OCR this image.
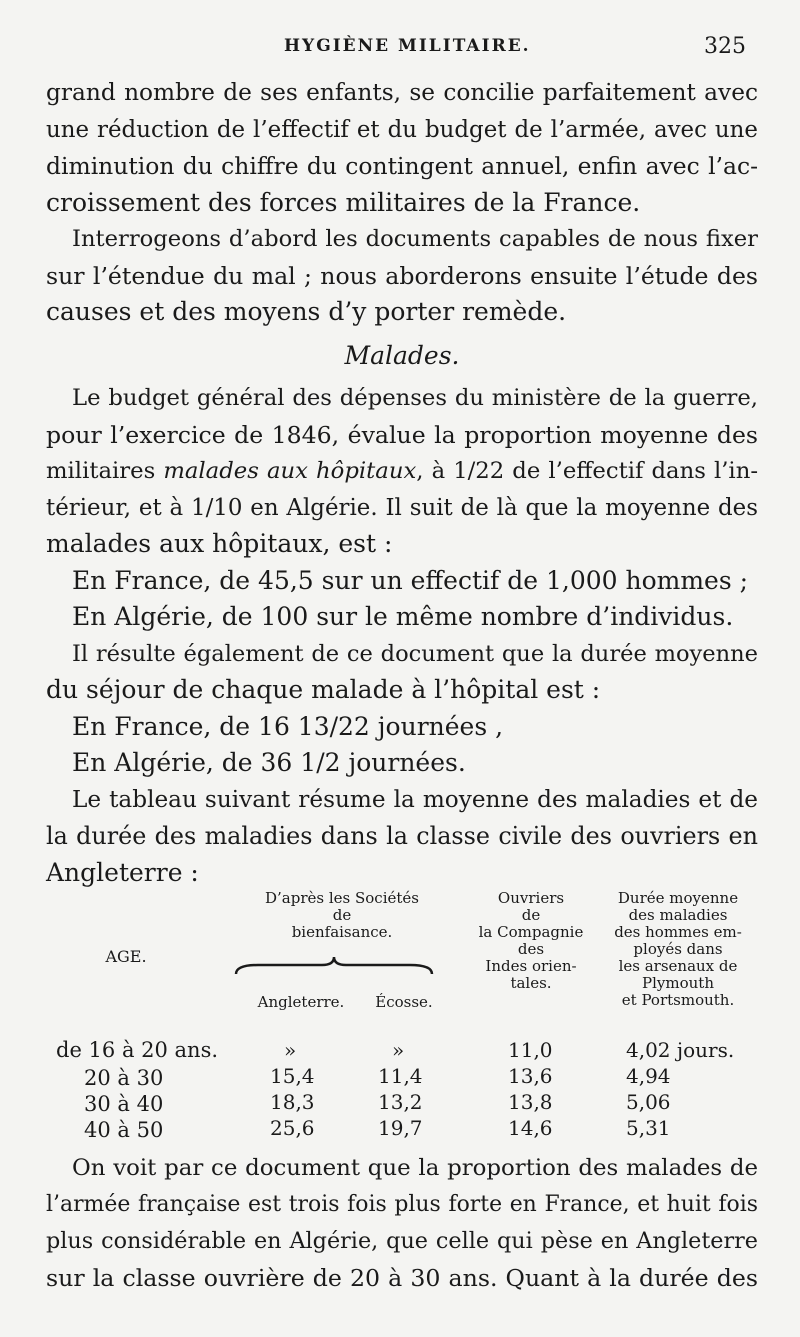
HYGIÈNE MILITAIRE.	325
grand nombre de ses enfants, se concilie parfaitement avec
une réduction de l’effectif et du budget de l’armée, avec une
diminution du chiffre du contingent annuel, enfin avec l’ac-
croissement des forces militaires de la France.
Interrogeons d’abord les documents capables de nous fixer
sur l’étendue du mal ; nous aborderons ensuite l’étude des
causes et des moyens d’y porter remède.
Malades.
Le budget général des dépenses du ministère de la guerre,
pour l’exercice de 1846, évalue la proportion moyenne des
militaires malades aux hôpitaux, à 1/22 de l’effectif dans l’in-
térieur, et à 1/10 en Algérie. Il suit de là que la moyenne des
malades aux hôpitaux, est :
En France, de 45,5 sur un effectif de 1,000 hommes ;
En Algérie, de 100 sur le même nombre d’individus.
Il résulte également de ce document que la durée moyenne
du séjour de chaque malade à l’hôpital est :
En France, de 16 13/22 journées ,
En Algérie, de 36 1/2 journées.
Le tableau suivant résume la moyenne des maladies et de
la durée des maladies dans la classe civile des ouvriers en
Angleterre :
AGE.
D’après les Sociétés
de
bienfaisance.
Angleterre.	Écosse.
Ouvriers
de
la Compagnie
des
Indes orien-
tales.
Durée moyenne
des maladies
des hommes em-
ployés dans
les arsenaux de
Plymouth
et Portsmouth.
de 16 à 20 ans.	»	»	11,0	4,02 jours.
20 à 30	15,4	11,4	13,6	4,94
30 à 40	18,3	13,2	13,8	5,06
40 à 50	25,6	19,7	14,6	5,31
On voit par ce document que la proportion des malades de
l’armée française est trois fois plus forte en France, et huit fois
plus considérable en Algérie, que celle qui pèse en Angleterre
sur la classe ouvrière de 20 à 30 ans. Quant à la durée des
